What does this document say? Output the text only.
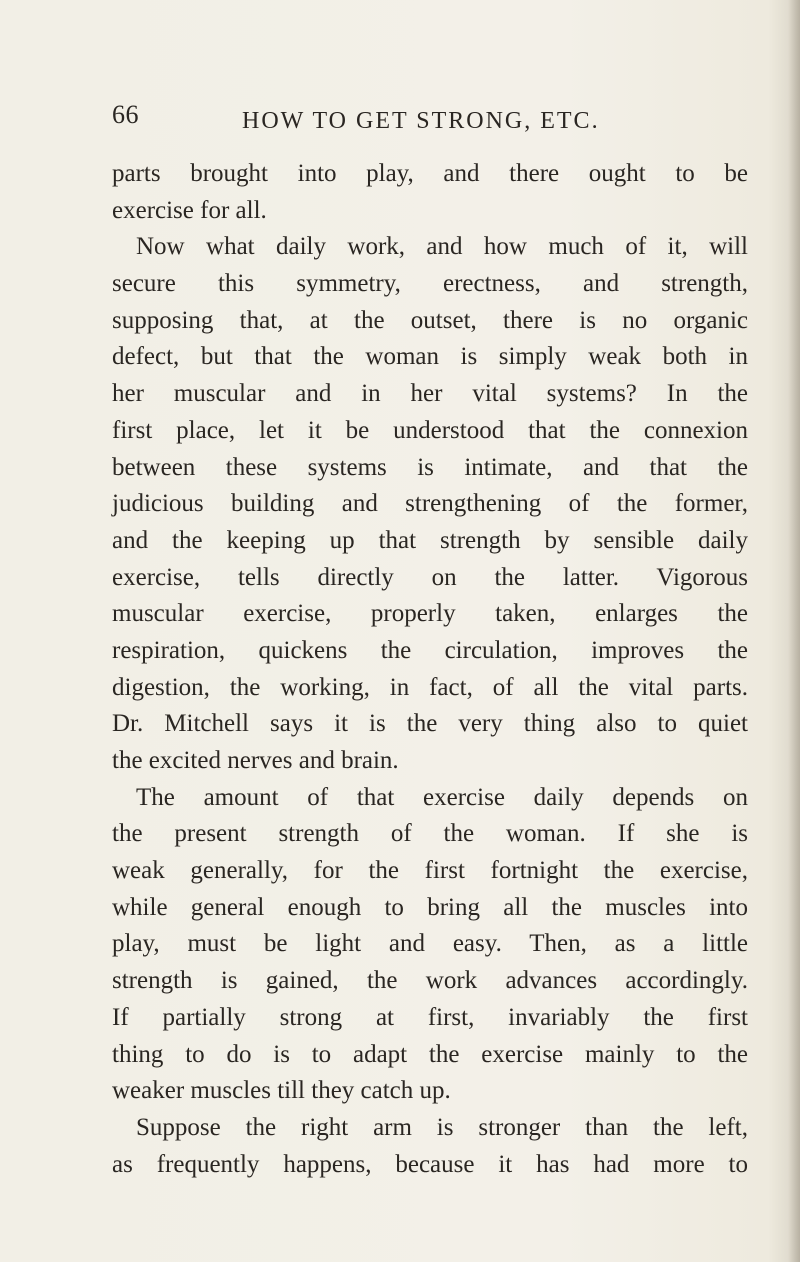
66	HOW TO GET STRONG, ETC.
parts brought into play, and there ought to be
exercise for all.
Now what daily work, and how much of it, will
secure this symmetry, erectness, and strength,
supposing that, at the outset, there is no organic
defect, but that the woman is simply weak both in
her muscular and in her vital systems? In the
first place, let it be understood that the connexion
between these systems is intimate, and that the
judicious building and strengthening of the former,
and the keeping up that strength by sensible daily
exercise, tells directly on the latter. Vigorous
muscular exercise, properly taken, enlarges the
respiration, quickens the circulation, improves the
digestion, the working, in fact, of all the vital parts.
Dr. Mitchell says it is the very thing also to quiet
the excited nerves and brain.
The amount of that exercise daily depends on
the present strength of the woman. If she is
weak generally, for the first fortnight the exercise,
while general enough to bring all the muscles into
play, must be light and easy. Then, as a little
strength is gained, the work advances accordingly.
If partially strong at first, invariably the first
thing to do is to adapt the exercise mainly to the
weaker muscles till they catch up.
Suppose the right arm is stronger than the left,
as frequently happens, because it has had more to
